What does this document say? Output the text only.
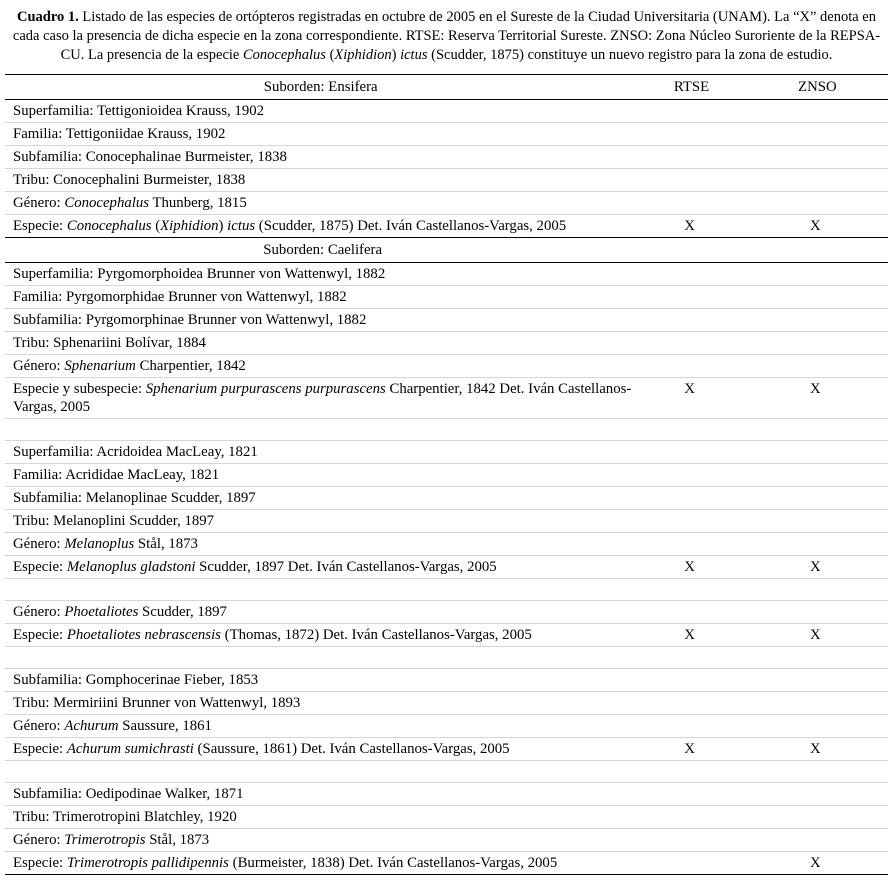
Cuadro 1. Listado de las especies de ortópteros registradas en octubre de 2005 en el Sureste de la Ciudad Universitaria (UNAM). La “X” denota en cada caso la presencia de dicha especie en la zona correspondiente. RTSE: Reserva Territorial Sureste. ZNSO: Zona Núcleo Suroriente de la REPSA-CU. La presencia de la especie Conocephalus (Xiphidion) ictus (Scudder, 1875) constituye un nuevo registro para la zona de estudio.
Suborden: Ensifera	RTSE	ZNSO
Superfamilia: Tettigonioidea Krauss, 1902		
Familia: Tettigoniidae Krauss, 1902		
Subfamilia: Conocephalinae Burmeister, 1838		
Tribu: Conocephalini Burmeister, 1838		
Género: Conocephalus Thunberg, 1815		
Especie: Conocephalus (Xiphidion) ictus (Scudder, 1875) Det. Iván Castellanos-Vargas, 2005	X	X
Suborden: Caelifera		
Superfamilia: Pyrgomorphoidea Brunner von Wattenwyl, 1882		
Familia: Pyrgomorphidae Brunner von Wattenwyl, 1882		
Subfamilia: Pyrgomorphinae Brunner von Wattenwyl, 1882		
Tribu: Sphenariini Bolívar, 1884		
Género: Sphenarium Charpentier, 1842		
Especie y subespecie: Sphenarium purpurascens purpurascens Charpentier, 1842 Det. Iván Castellanos-Vargas, 2005	X	X

Superfamilia: Acridoidea MacLeay, 1821		
Familia: Acrididae MacLeay, 1821		
Subfamilia: Melanoplinae Scudder, 1897		
Tribu: Melanoplini Scudder, 1897		
Género: Melanoplus Stål, 1873		
Especie: Melanoplus gladstoni Scudder, 1897 Det. Iván Castellanos-Vargas, 2005	X	X

Género: Phoetaliotes Scudder, 1897		
Especie: Phoetaliotes nebrascensis (Thomas, 1872) Det. Iván Castellanos-Vargas, 2005	X	X

Subfamilia: Gomphocerinae Fieber, 1853		
Tribu: Mermiriini Brunner von Wattenwyl, 1893		
Género: Achurum Saussure, 1861		
Especie: Achurum sumichrasti (Saussure, 1861) Det. Iván Castellanos-Vargas, 2005	X	X

Subfamilia: Oedipodinae Walker, 1871		
Tribu: Trimerotropini Blatchley, 1920		
Género: Trimerotropis Stål, 1873		
Especie: Trimerotropis pallidipennis (Burmeister, 1838) Det. Iván Castellanos-Vargas, 2005		X
